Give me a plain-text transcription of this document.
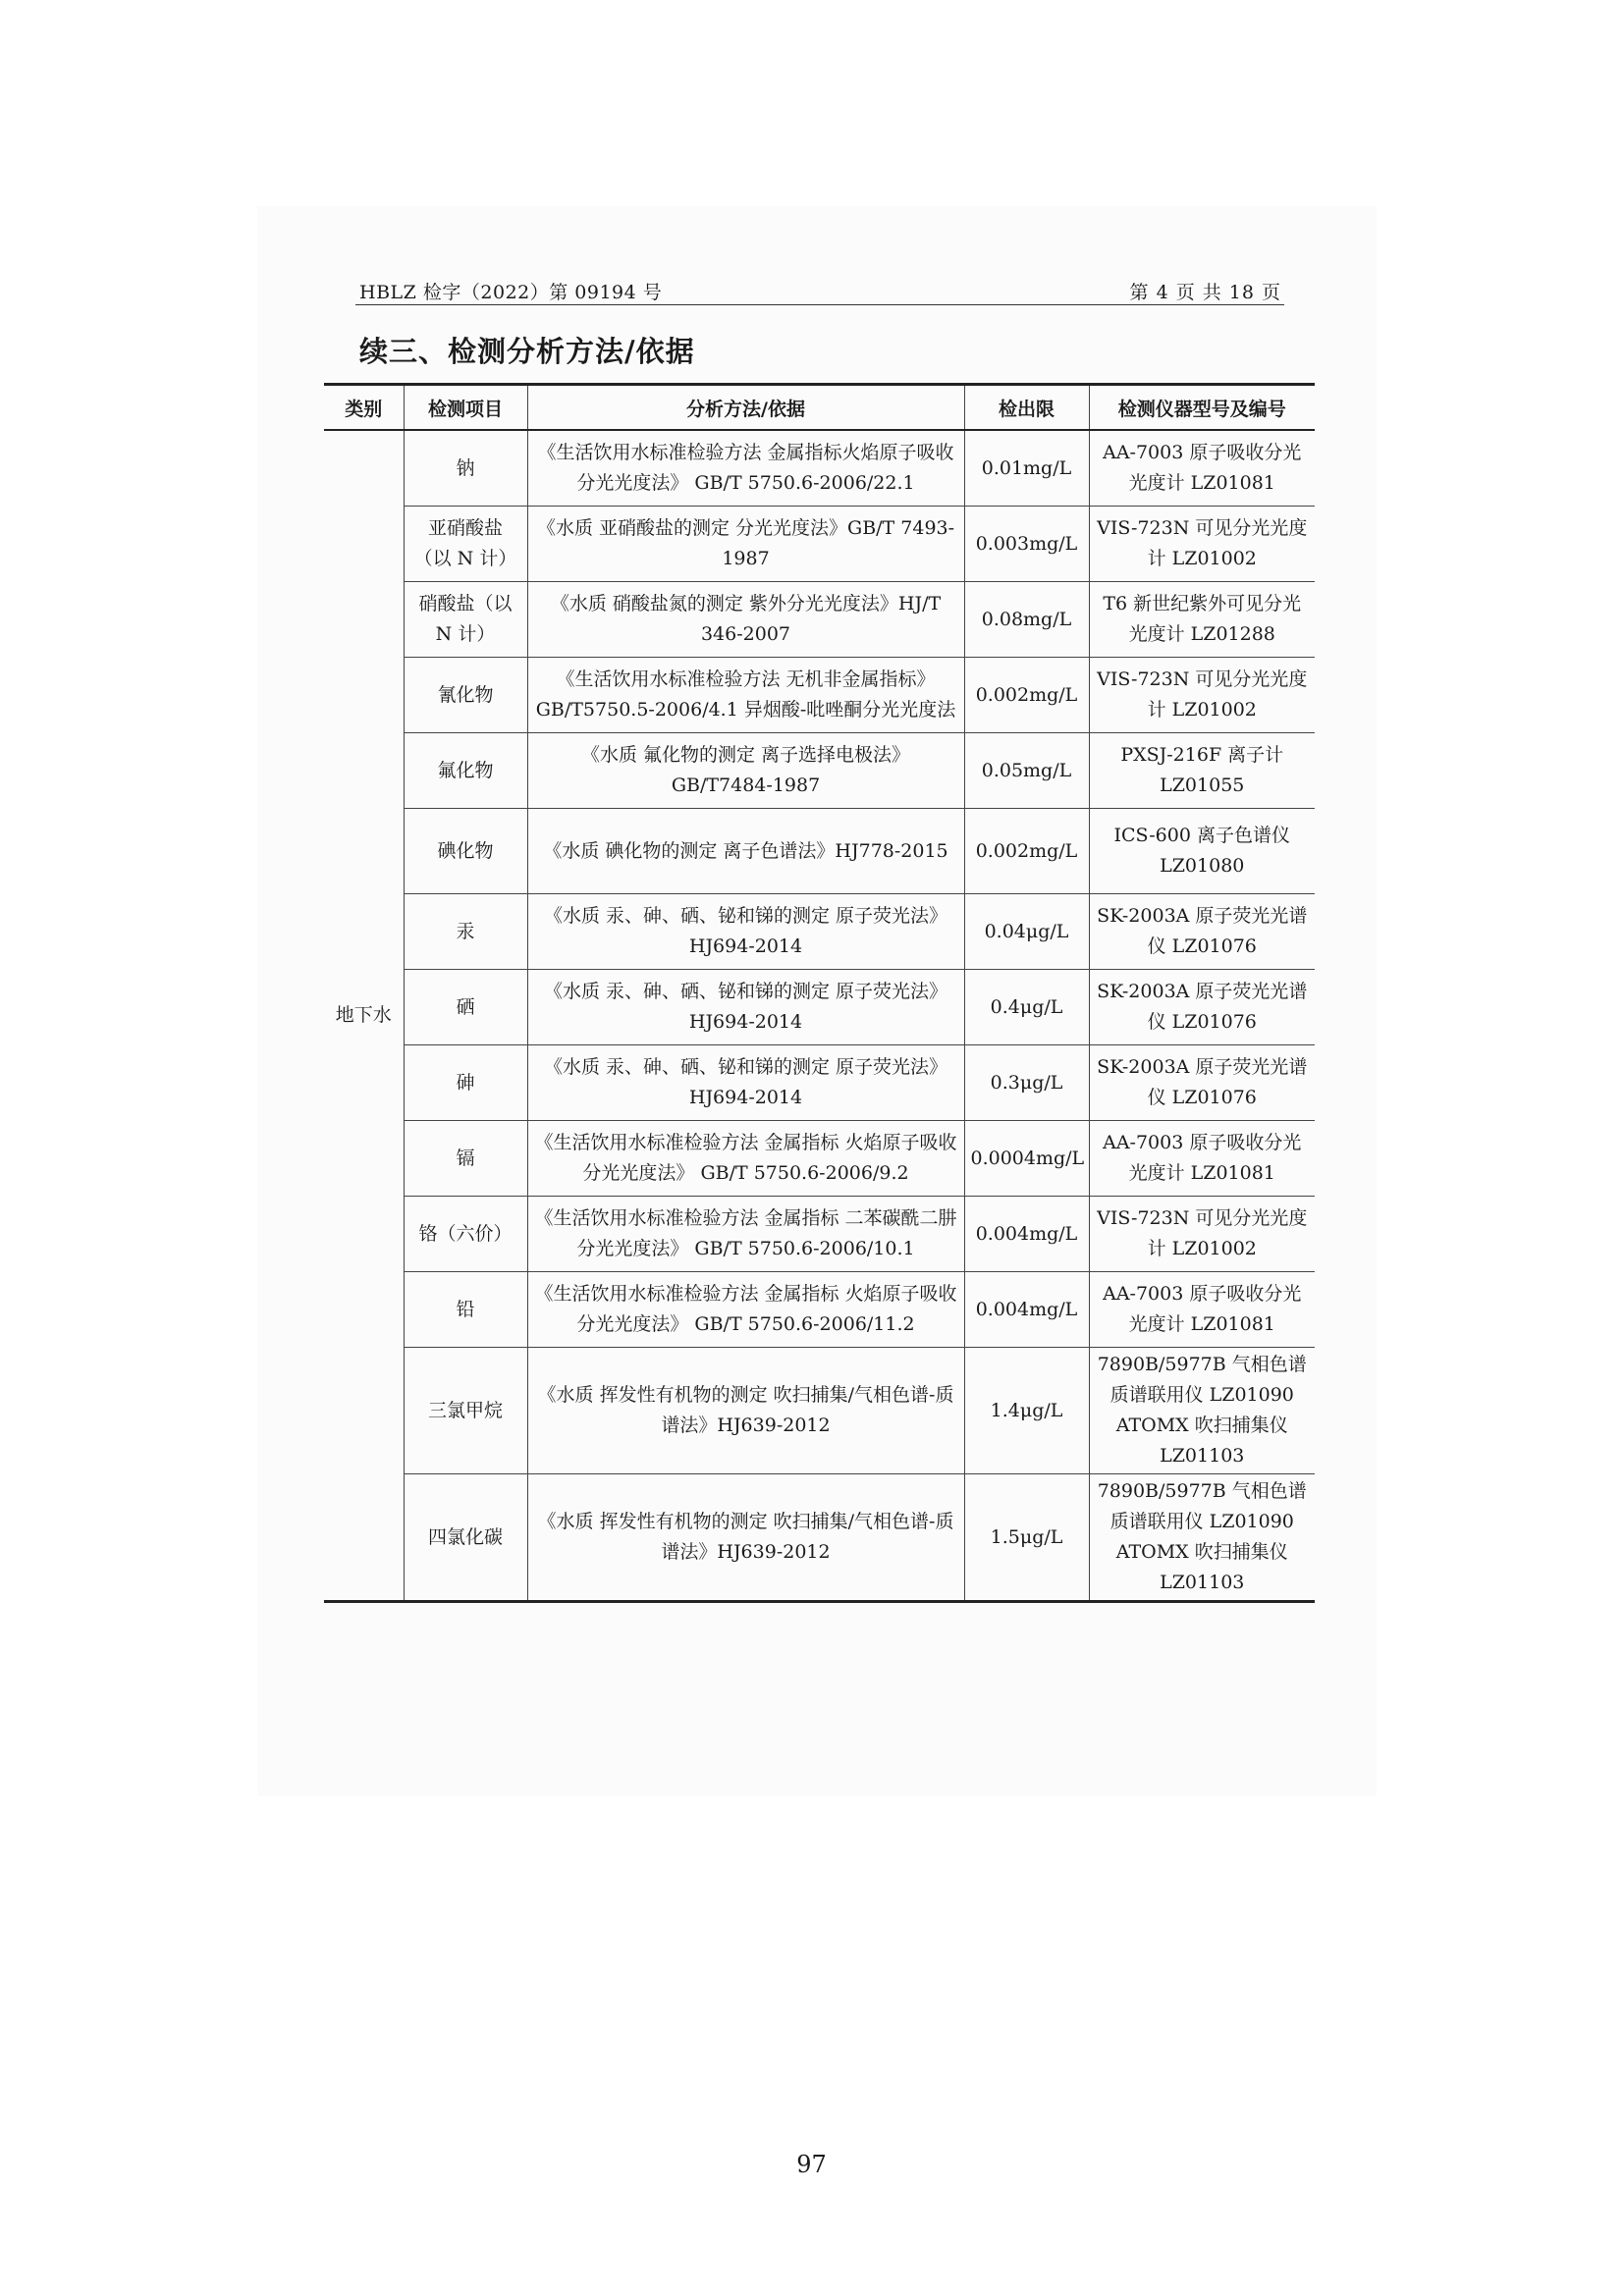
HBLZ 检字（2022）第 09194 号	第 4 页 共 18 页
续三、检测分析方法/依据
类别	检测项目	分析方法/依据	检出限	检测仪器型号及编号
地下水	钠	《生活饮用水标准检验方法 金属指标火焰原子吸收分光光度法》 GB/T 5750.6-2006/22.1	0.01mg/L	AA-7003 原子吸收分光光度计 LZ01081
	亚硝酸盐（以 N 计）	《水质 亚硝酸盐的测定 分光光度法》GB/T 7493-1987	0.003mg/L	VIS-723N 可见分光光度计 LZ01002
	硝酸盐（以 N 计）	《水质 硝酸盐氮的测定 紫外分光光度法》HJ/T 346-2007	0.08mg/L	T6 新世纪紫外可见分光光度计 LZ01288
	氰化物	《生活饮用水标准检验方法 无机非金属指标》GB/T5750.5-2006/4.1 异烟酸-吡唑酮分光光度法	0.002mg/L	VIS-723N 可见分光光度计 LZ01002
	氟化物	《水质 氟化物的测定 离子选择电极法》GB/T7484-1987	0.05mg/L	PXSJ-216F 离子计 LZ01055
	碘化物	《水质 碘化物的测定 离子色谱法》HJ778-2015	0.002mg/L	ICS-600 离子色谱仪 LZ01080
	汞	《水质 汞、砷、硒、铋和锑的测定 原子荧光法》HJ694-2014	0.04μg/L	SK-2003A 原子荧光光谱仪 LZ01076
	硒	《水质 汞、砷、硒、铋和锑的测定 原子荧光法》HJ694-2014	0.4μg/L	SK-2003A 原子荧光光谱仪 LZ01076
	砷	《水质 汞、砷、硒、铋和锑的测定 原子荧光法》HJ694-2014	0.3μg/L	SK-2003A 原子荧光光谱仪 LZ01076
	镉	《生活饮用水标准检验方法 金属指标 火焰原子吸收分光光度法》 GB/T 5750.6-2006/9.2	0.0004mg/L	AA-7003 原子吸收分光光度计 LZ01081
	铬（六价）	《生活饮用水标准检验方法 金属指标 二苯碳酰二肼分光光度法》 GB/T 5750.6-2006/10.1	0.004mg/L	VIS-723N 可见分光光度计 LZ01002
	铅	《生活饮用水标准检验方法 金属指标 火焰原子吸收分光光度法》 GB/T 5750.6-2006/11.2	0.004mg/L	AA-7003 原子吸收分光光度计 LZ01081
	三氯甲烷	《水质 挥发性有机物的测定 吹扫捕集/气相色谱-质谱法》HJ639-2012	1.4μg/L	7890B/5977B 气相色谱质谱联用仪 LZ01090 ATOMX 吹扫捕集仪 LZ01103
	四氯化碳	《水质 挥发性有机物的测定 吹扫捕集/气相色谱-质谱法》HJ639-2012	1.5μg/L	7890B/5977B 气相色谱质谱联用仪 LZ01090 ATOMX 吹扫捕集仪 LZ01103
97
